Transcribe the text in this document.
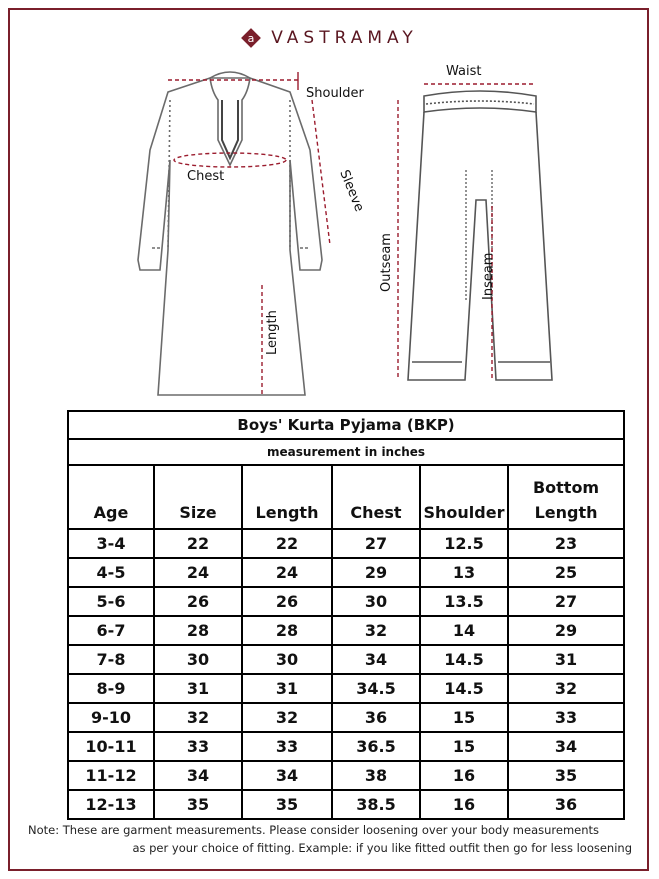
a VASTRAMAY
Shoulder
Chest	Sleeve
Length
Waist
Outseam	Inseam
Boys' Kurta Pyjama (BKP)					
measurement in inches					

Age	Size	Length	Chest	Shoulder	Bottom
Length

3-4	22	22	27	12.5	23
4-5	24	24	29	13	25
5-6	26	26	30	13.5	27
6-7	28	28	32	14	29
7-8	30	30	34	14.5	31
8-9	31	31	34.5	14.5	32
9-10	32	32	36	15	33
10-11	33	33	36.5	15	34
11-12	34	34	38	16	35
12-13	35	35	38.5	16	36
Note: These are garment measurements. Please consider loosening over your body measurements
as per your choice of fitting. Example: if you like fitted outfit then go for less loosening
